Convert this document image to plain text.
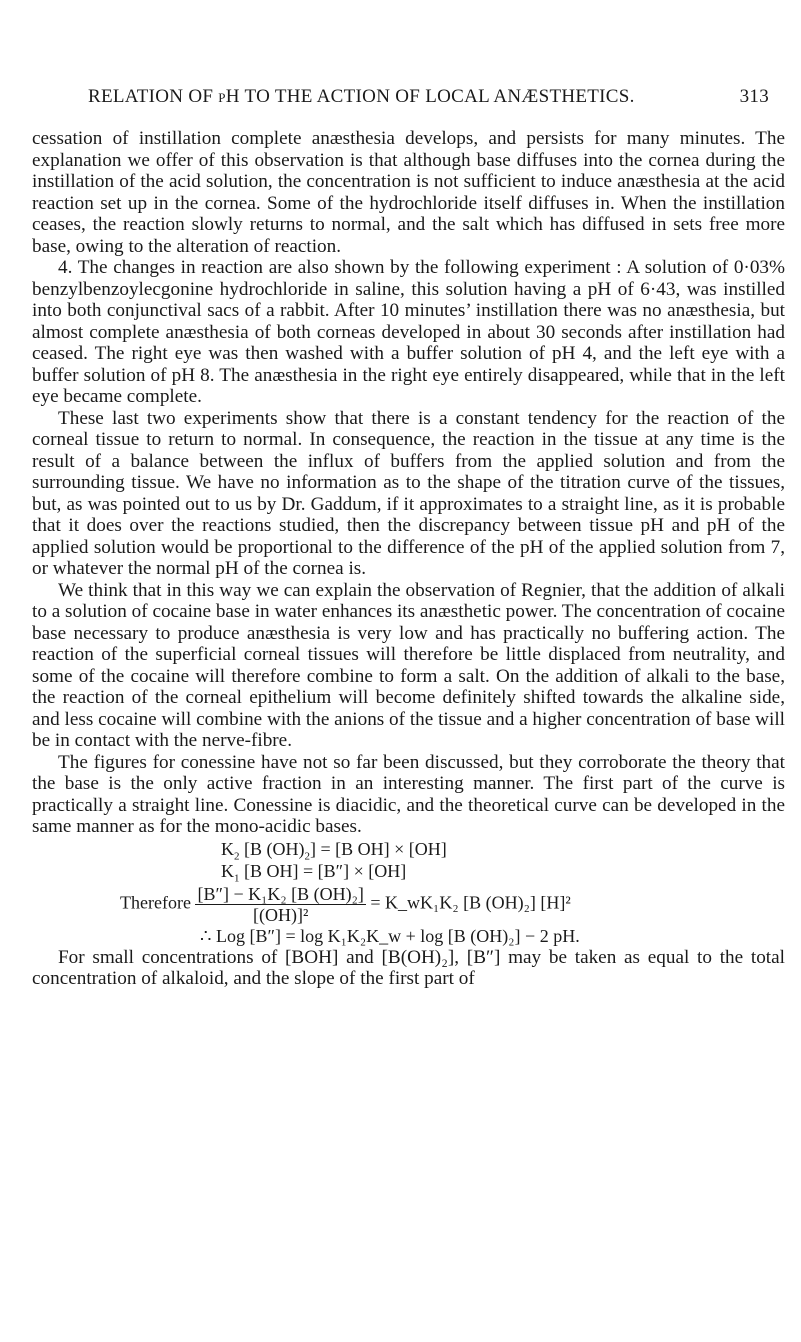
RELATION OF pH TO THE ACTION OF LOCAL ANÆSTHETICS.	313

cessation of instillation complete anæsthesia develops, and persists for many minutes. The explanation we offer of this observation is that although base diffuses into the cornea during the instillation of the acid solution, the concentration is not sufficient to induce anæsthesia at the acid reaction set up in the cornea. Some of the hydrochloride itself diffuses in. When the instillation ceases, the reaction slowly returns to normal, and the salt which has diffused in sets free more base, owing to the alteration of reaction.

4. The changes in reaction are also shown by the following experiment : A solution of 0·03% benzylbenzoylecgonine hydrochloride in saline, this solution having a pH of 6·43, was instilled into both conjunctival sacs of a rabbit. After 10 minutes’ instillation there was no anæsthesia, but almost complete anæsthesia of both corneas developed in about 30 seconds after instillation had ceased. The right eye was then washed with a buffer solution of pH 4, and the left eye with a buffer solution of pH 8. The anæsthesia in the right eye entirely disappeared, while that in the left eye became complete.

These last two experiments show that there is a constant tendency for the reaction of the corneal tissue to return to normal. In consequence, the reaction in the tissue at any time is the result of a balance between the influx of buffers from the applied solution and from the surrounding tissue. We have no information as to the shape of the titration curve of the tissues, but, as was pointed out to us by Dr. Gaddum, if it approximates to a straight line, as it is probable that it does over the reactions studied, then the discrepancy between tissue pH and pH of the applied solution would be proportional to the difference of the pH of the applied solution from 7, or whatever the normal pH of the cornea is.

We think that in this way we can explain the observation of Regnier, that the addition of alkali to a solution of cocaine base in water enhances its anæsthetic power. The concentration of cocaine base necessary to produce anæsthesia is very low and has practically no buffering action. The reaction of the superficial corneal tissues will therefore be little displaced from neutrality, and some of the cocaine will therefore combine to form a salt. On the addition of alkali to the base, the reaction of the corneal epithelium will become definitely shifted towards the alkaline side, and less cocaine will combine with the anions of the tissue and a higher concentration of base will be in contact with the nerve-fibre.

The figures for conessine have not so far been discussed, but they corroborate the theory that the base is the only active fraction in an interesting manner. The first part of the curve is practically a straight line. Conessine is diacidic, and the theoretical curve can be developed in the same manner as for the mono-acidic bases.

$K_2$ [B $(OH)_2] = [B$ OH] × [OH]
$K_1$ [B OH] = [B″] × [OH]
Therefore $\frac{\text{[B″] − K₁K₂ [B (OH)₂]}}{\text{[(OH)]²}}$ = K_wK₁K₂ [B (OH)₂] [H]²
∴ Log [B″] = log K₁K₂K_w + log [B (OH)₂] − 2 pH.

For small concentrations of [BOH] and [B(OH)₂], [B″] may be taken as equal to the total concentration of alkaloid, and the slope of the first part of
